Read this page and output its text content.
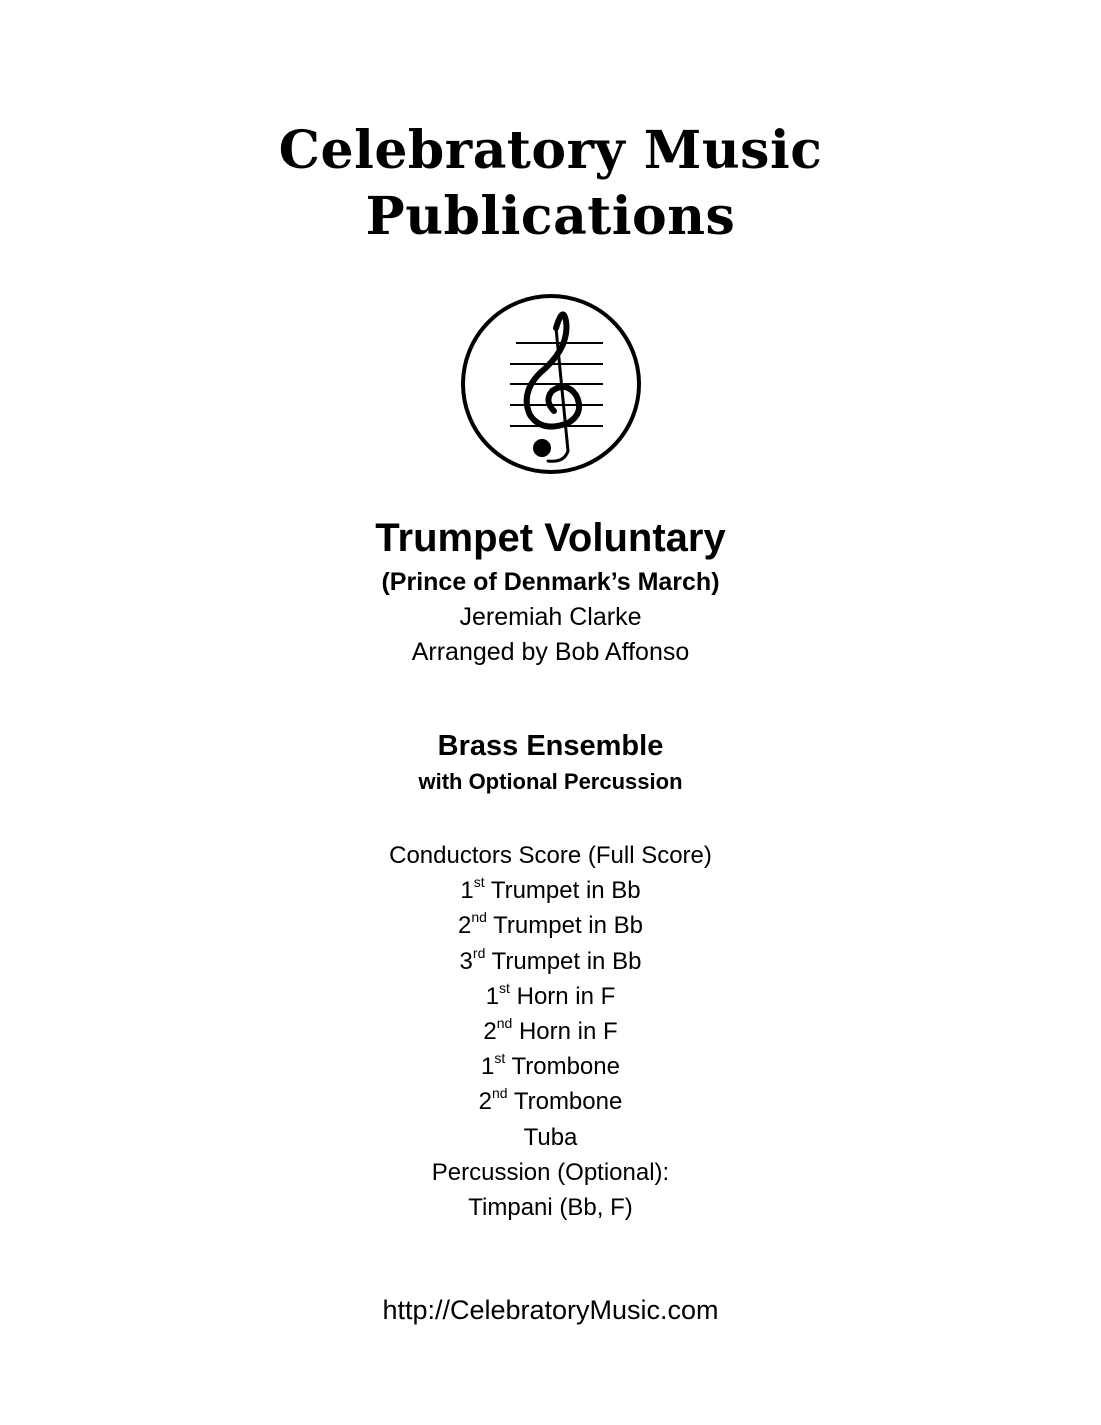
Celebratory Music
Publications

Trumpet Voluntary

(Prince of Denmark’s March)

Jeremiah Clarke

Arranged by Bob Affonso

Brass Ensemble

with Optional Percussion

Conductors Score (Full Score)
1st Trumpet in Bb
2nd Trumpet in Bb
3rd Trumpet in Bb
1st Horn in F
2nd Horn in F
1st Trombone
2nd Trombone
Tuba
Percussion (Optional):
Timpani (Bb, F)
http://CelebratoryMusic.com
